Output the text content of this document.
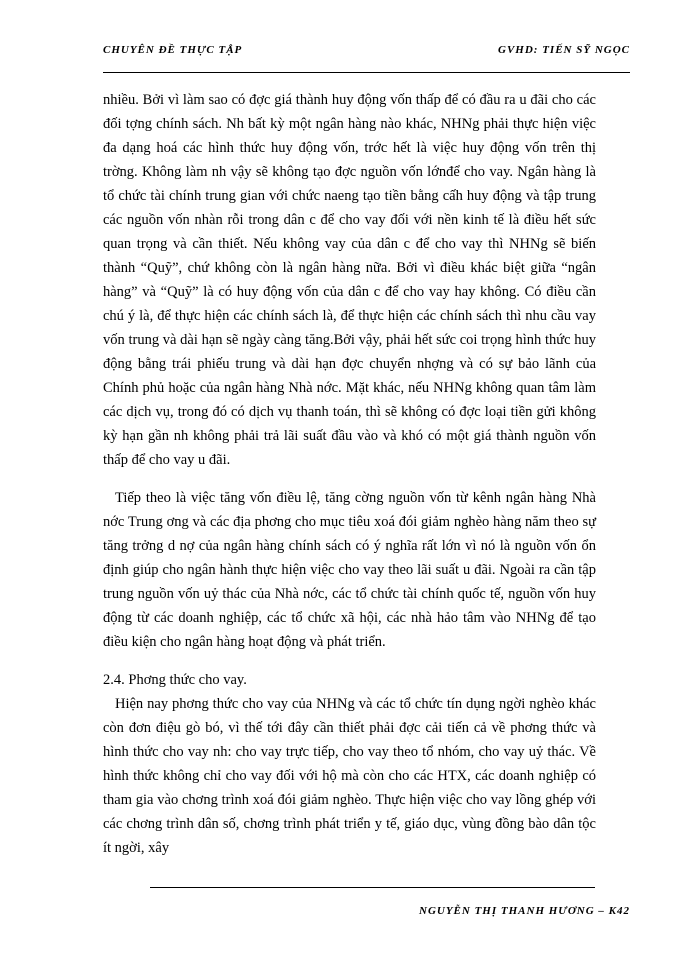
CHUYÊN ĐỀ THỰC TẬP	GVHD: TIẾN SỸ NGỌC

nhiều. Bởi vì làm sao có đợc giá thành huy động vốn thấp để có đầu ra u đãi cho các đối tợng chính sách. Nh bất kỳ một ngân hàng nào khác, NHNg phải thực hiện việc đa dạng hoá các hình thức huy động vốn, trớc hết là việc huy động vốn trên thị trờng. Không làm nh vậy sẽ không tạo đợc nguồn vốn lớnđể cho vay. Ngân hàng là tổ chức tài chính trung gian với chức naeng tạo tiền bằng cấh huy động và tập trung các nguồn vốn nhàn rỗi trong dân c để cho vay đối với nền kinh tế là điều hết sức quan trọng và cần thiết. Nếu không vay của dân c để cho vay thì NHNg sẽ biến thành “Quỹ”, chứ không còn là ngân hàng nữa. Bởi vì điều khác biệt giữa “ngân hàng” và “Quỹ” là có huy động vốn của dân c để cho vay hay không. Có điều cần chú ý là, để thực hiện các chính sách là, để thực hiện các chính sách thì nhu cầu vay vốn trung và dài hạn sẽ ngày càng tăng.Bởi vậy, phải hết sức coi trọng hình thức huy động bằng trái phiếu trung và dài hạn đợc chuyển nhợng và có sự bảo lãnh của Chính phủ hoặc của ngân hàng Nhà nớc. Mặt khác, nếu NHNg không quan tâm làm các dịch vụ, trong đó có dịch vụ thanh toán, thì sẽ không có đợc loại tiền gửi không kỳ hạn gần nh không phải trả lãi suất đầu vào và khó có một giá thành nguồn vốn thấp để cho vay u đãi.

Tiếp theo là việc tăng vốn điều lệ, tăng cờng nguồn vốn từ kênh ngân hàng Nhà nớc Trung ơng và các địa phơng cho mục tiêu xoá đói giảm nghèo hàng năm theo sự tăng trởng d nợ của ngân hàng chính sách có ý nghĩa rất lớn vì nó là nguồn vốn ổn định giúp cho ngân hành thực hiện việc cho vay theo lãi suất u đãi. Ngoài ra cần tập trung nguồn vốn uỷ thác của Nhà nớc, các tổ chức tài chính quốc tế, nguồn vốn huy động từ các doanh nghiệp, các tổ chức xã hội, các nhà hảo tâm vào NHNg để tạo điều kiện cho ngân hàng hoạt động và phát triển.

2.4. Phơng thức cho vay.

Hiện nay phơng thức cho vay của NHNg và các tổ chức tín dụng ngời nghèo khác còn đơn điệu gò bó, vì thế tới đây cần thiết phải đợc cải tiến cả về phơng thức và hình thức cho vay nh: cho vay trực tiếp, cho vay theo tổ nhóm, cho vay uỷ thác. Về hình thức không chỉ cho vay đối với hộ mà còn cho các HTX, các doanh nghiệp có tham gia vào chơng trình xoá đói giảm nghèo. Thực hiện việc cho vay lồng ghép với các chơng trình dân số, chơng trình phát triển y tế, giáo dục, vùng đồng bào dân tộc ít ngời, xây

NGUYỄN THỊ THANH HƯƠNG – K42
